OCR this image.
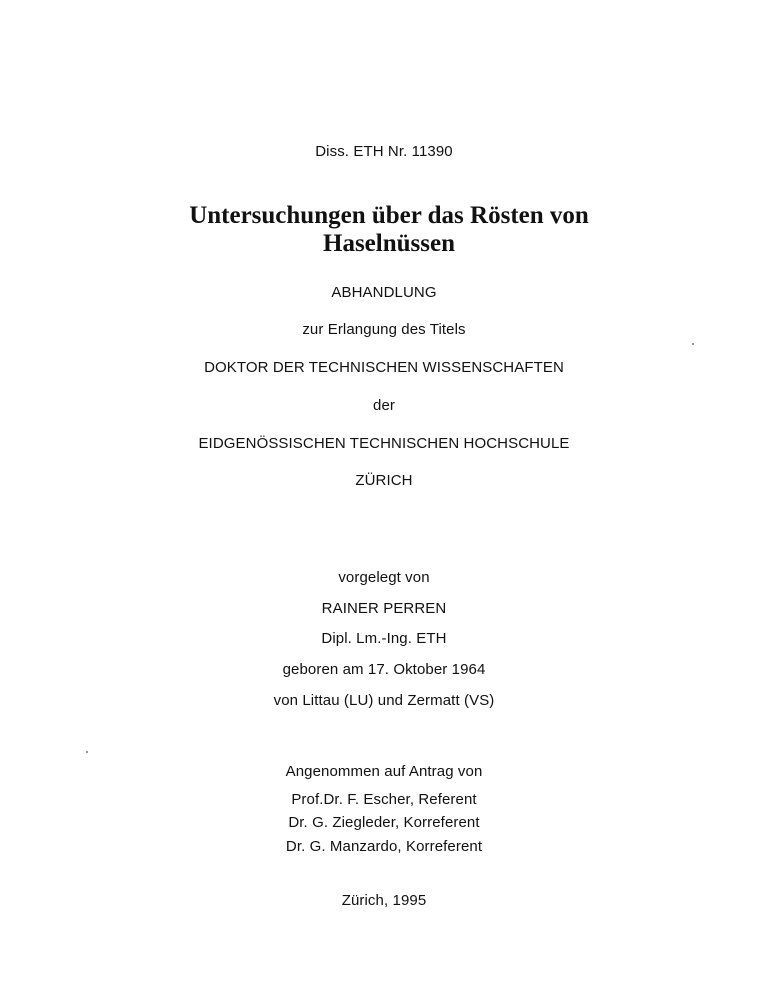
Diss. ETH Nr. 11390
Untersuchungen über das Rösten von
Haselnüssen
ABHANDLUNG
zur Erlangung des Titels
DOKTOR DER TECHNISCHEN WISSENSCHAFTEN
der
EIDGENÖSSISCHEN TECHNISCHEN HOCHSCHULE
ZÜRICH
vorgelegt von
RAINER PERREN
Dipl. Lm.-Ing. ETH
geboren am 17. Oktober 1964
von Littau (LU) und Zermatt (VS)
Angenommen auf Antrag von
Prof.Dr. F. Escher, Referent
Dr. G. Ziegleder, Korreferent
Dr. G. Manzardo, Korreferent
Zürich, 1995
